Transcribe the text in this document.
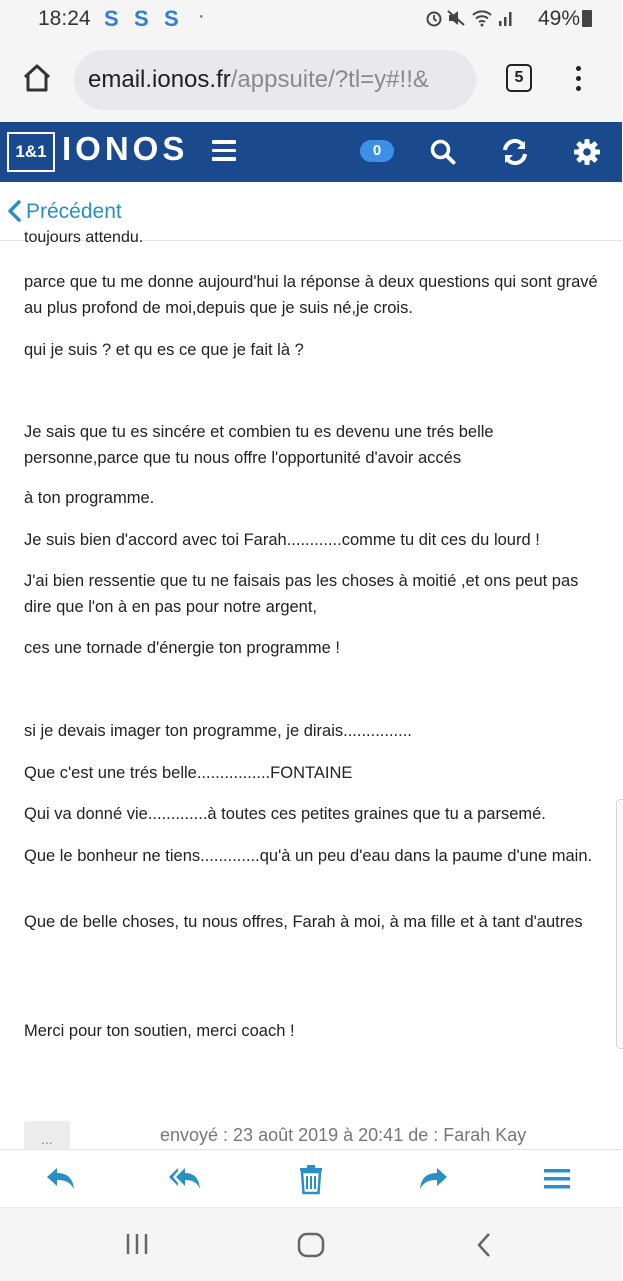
18:24 S S S ·	49%
email.ionos.fr/appsuite/?tl=y#!!&	5
1&1 IONOS	0
Précédent
toujours attendu.
parce que tu me donne aujourd'hui la réponse à deux questions qui sont gravé au plus profond de moi,depuis que je suis né,je crois.
qui je suis ? et qu es ce que je fait là ?
Je sais que tu es sincére et combien tu es devenu une trés belle personne,parce que tu nous offre l'opportunité d'avoir accés
à ton programme.
Je suis bien d'accord avec toi Farah............comme tu dit ces du lourd !
J'ai bien ressentie que tu ne faisais pas les choses à moitié ,et ons peut pas dire que l'on à en pas pour notre argent,
ces une tornade d'énergie ton programme !
si je devais imager ton programme, je dirais...............
Que c'est une trés belle................FONTAINE
Qui va donné vie.............à toutes ces petites graines que tu a parsemé.
Que le bonheur ne tiens.............qu'à un peu d'eau dans la paume d'une main.
Que de belle choses, tu nous offres, Farah à moi, à ma fille et à tant d'autres
Merci pour ton soutien, merci coach !
...	envoyé : 23 août 2019 à 20:41 de : Farah Kay
